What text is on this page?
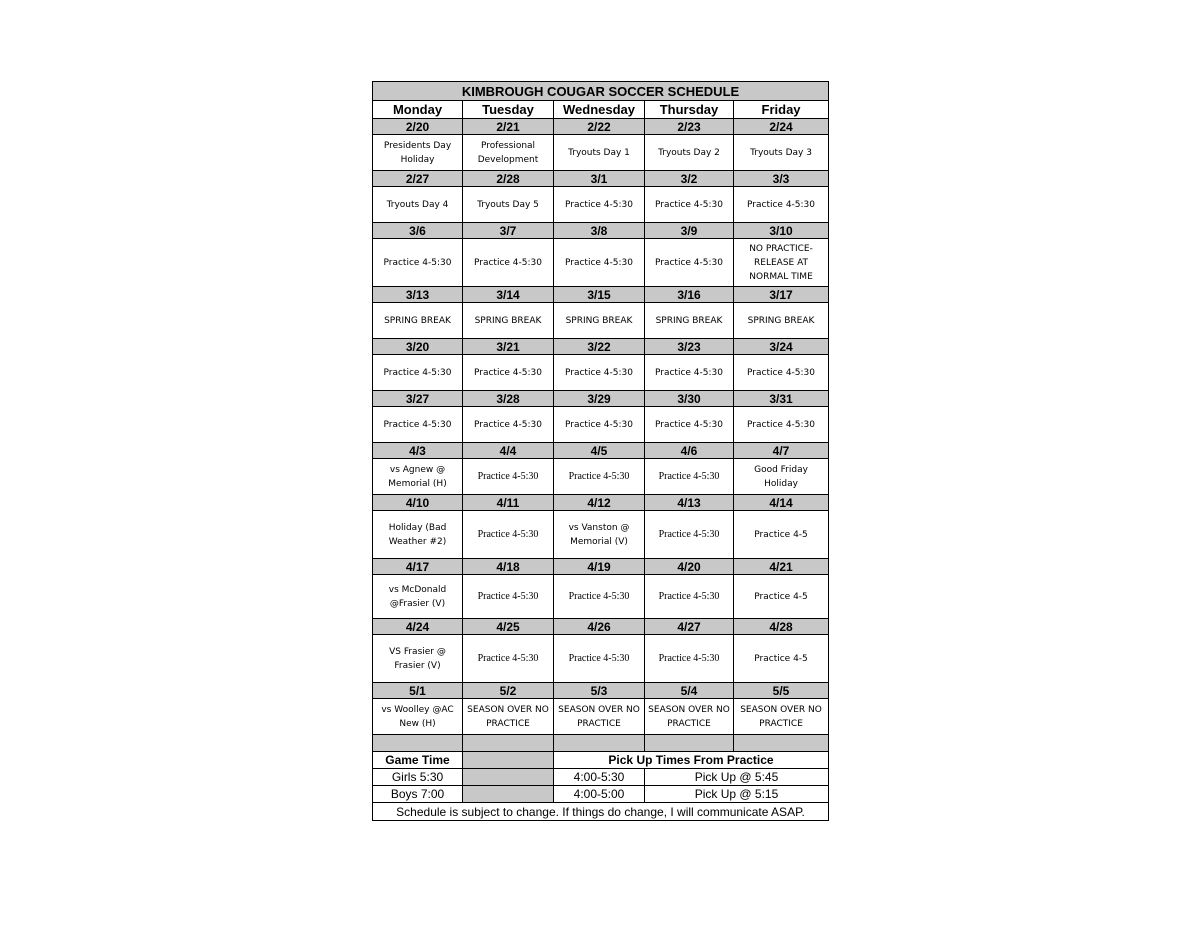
KIMBROUGH COUGAR SOCCER SCHEDULE				
Monday	Tuesday	Wednesday	Thursday	Friday
2/20	2/21	2/22	2/23	2/24
Presidents Day Holiday	Professional Development	Tryouts Day 1	Tryouts Day 2	Tryouts Day 3
2/27	2/28	3/1	3/2	3/3
Tryouts Day 4	Tryouts Day 5	Practice 4-5:30	Practice 4-5:30	Practice 4-5:30
3/6	3/7	3/8	3/9	3/10
Practice 4-5:30	Practice 4-5:30	Practice 4-5:30	Practice 4-5:30	NO PRACTICE- RELEASE AT NORMAL TIME
3/13	3/14	3/15	3/16	3/17
SPRING BREAK	SPRING BREAK	SPRING BREAK	SPRING BREAK	SPRING BREAK
3/20	3/21	3/22	3/23	3/24
Practice 4-5:30	Practice 4-5:30	Practice 4-5:30	Practice 4-5:30	Practice 4-5:30
3/27	3/28	3/29	3/30	3/31
Practice 4-5:30	Practice 4-5:30	Practice 4-5:30	Practice 4-5:30	Practice 4-5:30
4/3	4/4	4/5	4/6	4/7
vs Agnew @ Memorial (H)	Practice 4-5:30	Practice 4-5:30	Practice 4-5:30	Good Friday Holiday
4/10	4/11	4/12	4/13	4/14
Holiday (Bad Weather #2)	Practice 4-5:30	vs Vanston @ Memorial (V)	Practice 4-5:30	Practice 4-5
4/17	4/18	4/19	4/20	4/21
vs McDonald @Frasier (V)	Practice 4-5:30	Practice 4-5:30	Practice 4-5:30	Practice 4-5
4/24	4/25	4/26	4/27	4/28
VS Frasier @ Frasier (V)	Practice 4-5:30	Practice 4-5:30	Practice 4-5:30	Practice 4-5
5/1	5/2	5/3	5/4	5/5
vs Woolley @AC New (H)	SEASON OVER NO PRACTICE	SEASON OVER NO PRACTICE	SEASON OVER NO PRACTICE	SEASON OVER NO PRACTICE

Game Time		Pick Up Times From Practice		
Girls 5:30		4:00-5:30	Pick Up @ 5:45	
Boys 7:00		4:00-5:00	Pick Up @ 5:15	
Schedule is subject to change. If things do change, I will communicate ASAP.				
